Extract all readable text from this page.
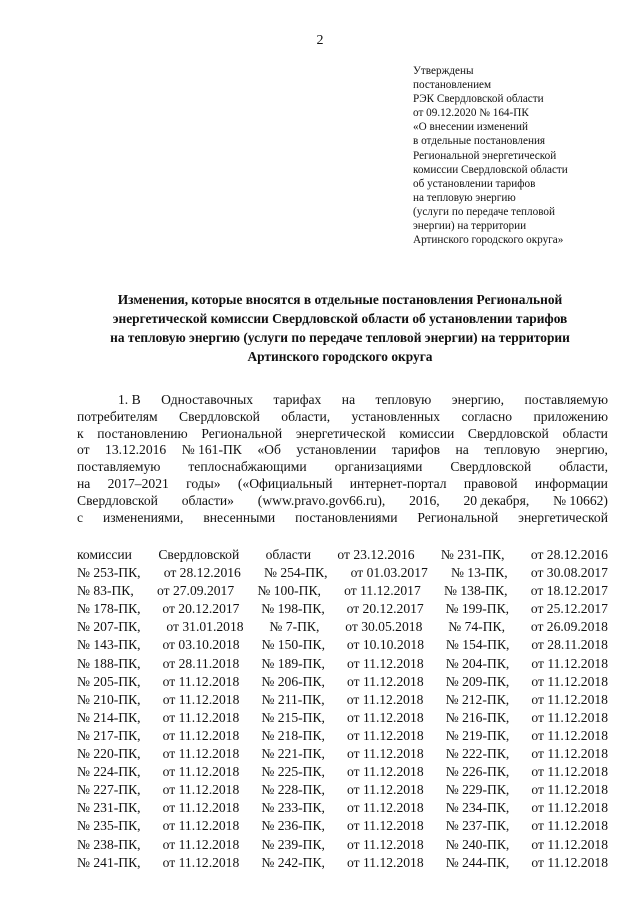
2
Утверждены
постановлением
РЭК Свердловской области
от 09.12.2020 № 164-ПК
«О внесении изменений
в отдельные постановления
Региональной энергетической
комиссии Свердловской области
об установлении тарифов
на тепловую энергию
(услуги по передаче тепловой
энергии) на территории
Артинского городского округа»
Изменения, которые вносятся в отдельные постановления Региональной
энергетической комиссии Свердловской области об установлении тарифов
на тепловую энергию (услуги по передаче тепловой энергии) на территории
Артинского городского округа
1. В Одноставочных тарифах на тепловую энергию, поставляемую
потребителям Свердловской области, установленных согласно приложению
к постановлению Региональной энергетической комиссии Свердловской области
от 13.12.2016 № 161-ПК «Об установлении тарифов на тепловую энергию,
поставляемую теплоснабжающими организациями Свердловской области,
на 2017–2021 годы» («Официальный интернет-портал правовой информации
Свердловской области» (www.pravo.gov66.ru), 2016, 20 декабря, № 10662)
с изменениями, внесенными постановлениями Региональной энергетической
комиссии Свердловской области от 23.12.2016 № 231-ПК, от 28.12.2016
№ 253-ПК, от 28.12.2016 № 254-ПК, от 01.03.2017 № 13-ПК, от 30.08.2017
№ 83-ПК, от 27.09.2017 № 100-ПК, от 11.12.2017 № 138-ПК, от 18.12.2017
№ 178-ПК, от 20.12.2017 № 198-ПК, от 20.12.2017 № 199-ПК, от 25.12.2017
№ 207-ПК, от 31.01.2018 № 7-ПК, от 30.05.2018 № 74-ПК, от 26.09.2018
№ 143-ПК, от 03.10.2018 № 150-ПК, от 10.10.2018 № 154-ПК, от 28.11.2018
№ 188-ПК, от 28.11.2018 № 189-ПК, от 11.12.2018 № 204-ПК, от 11.12.2018
№ 205-ПК, от 11.12.2018 № 206-ПК, от 11.12.2018 № 209-ПК, от 11.12.2018
№ 210-ПК, от 11.12.2018 № 211-ПК, от 11.12.2018 № 212-ПК, от 11.12.2018
№ 214-ПК, от 11.12.2018 № 215-ПК, от 11.12.2018 № 216-ПК, от 11.12.2018
№ 217-ПК, от 11.12.2018 № 218-ПК, от 11.12.2018 № 219-ПК, от 11.12.2018
№ 220-ПК, от 11.12.2018 № 221-ПК, от 11.12.2018 № 222-ПК, от 11.12.2018
№ 224-ПК, от 11.12.2018 № 225-ПК, от 11.12.2018 № 226-ПК, от 11.12.2018
№ 227-ПК, от 11.12.2018 № 228-ПК, от 11.12.2018 № 229-ПК, от 11.12.2018
№ 231-ПК, от 11.12.2018 № 233-ПК, от 11.12.2018 № 234-ПК, от 11.12.2018
№ 235-ПК, от 11.12.2018 № 236-ПК, от 11.12.2018 № 237-ПК, от 11.12.2018
№ 238-ПК, от 11.12.2018 № 239-ПК, от 11.12.2018 № 240-ПК, от 11.12.2018
№ 241-ПК, от 11.12.2018 № 242-ПК, от 11.12.2018 № 244-ПК, от 11.12.2018
